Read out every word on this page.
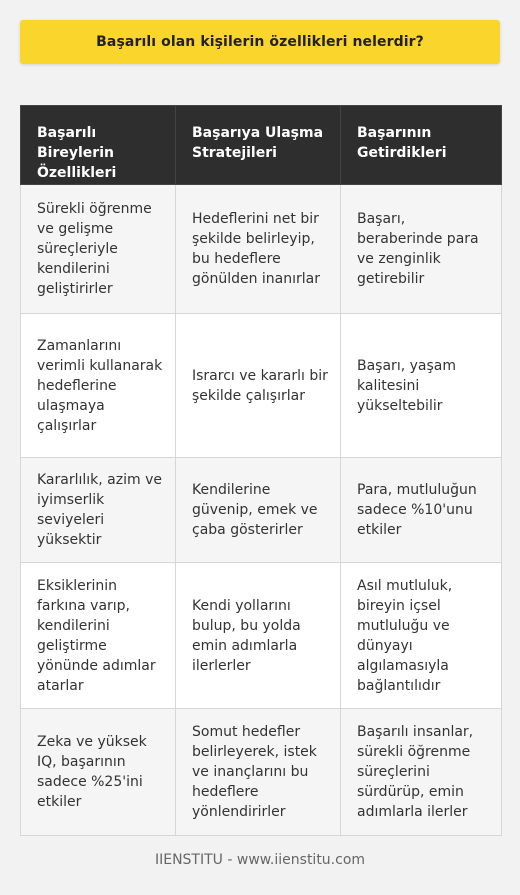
Başarılı olan kişilerin özellikleri nelerdir?
Başarılı Bireylerin Özellikleri	Başarıya Ulaşma Stratejileri	Başarının Getirdikleri
Sürekli öğrenme ve gelişme süreçleriyle kendilerini geliştirirler	Hedeflerini net bir şekilde belirleyip, bu hedeflere gönülden inanırlar	Başarı, beraberinde para ve zenginlik getirebilir
Zamanlarını verimli kullanarak hedeflerine ulaşmaya çalışırlar	Israrcı ve kararlı bir şekilde çalışırlar	Başarı, yaşam kalitesini yükseltebilir
Kararlılık, azim ve iyimserlik seviyeleri yüksektir	Kendilerine güvenip, emek ve çaba gösterirler	Para, mutluluğun sadece %10'unu etkiler
Eksiklerinin farkına varıp, kendilerini geliştirme yönünde adımlar atarlar	Kendi yollarını bulup, bu yolda emin adımlarla ilerlerler	Asıl mutluluk, bireyin içsel mutluluğu ve dünyayı algılamasıyla bağlantılıdır
Zeka ve yüksek IQ, başarının sadece %25'ini etkiler	Somut hedefler belirleyerek, istek ve inançlarını bu hedeflere yönlendirirler	Başarılı insanlar, sürekli öğrenme süreçlerini sürdürüp, emin adımlarla ilerler
IIENSTITU - www.iienstitu.com
